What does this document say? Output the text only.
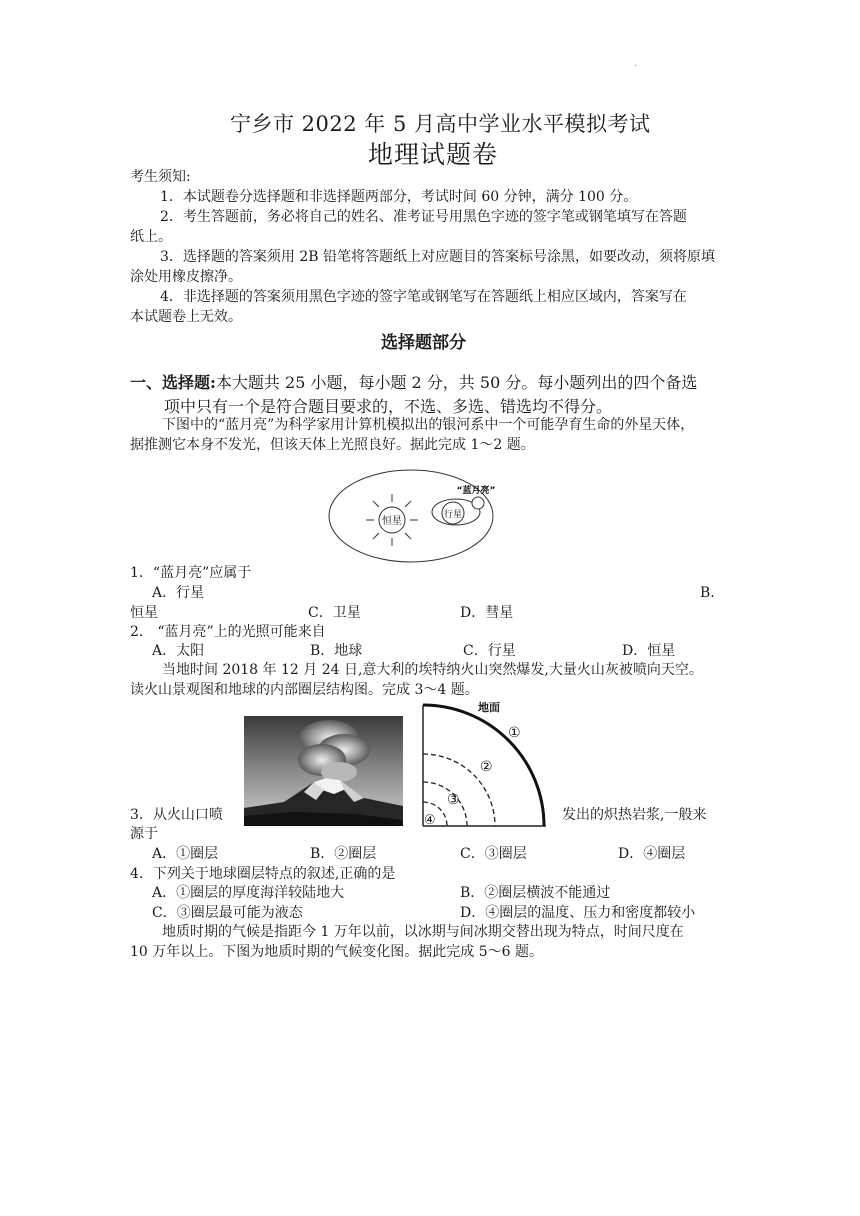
·
宁乡市 2022 年 5 月高中学业水平模拟考试
地理试题卷
考生须知:
1．本试题卷分选择题和非选择题两部分，考试时间 60 分钟，满分 100 分。
2．考生答题前，务必将自己的姓名、准考证号用黑色字迹的签字笔或钢笔填写在答题
纸上。
3．选择题的答案须用 2B 铅笔将答题纸上对应题目的答案标号涂黑，如要改动，须将原填
涂处用橡皮擦净。
4．非选择题的答案须用黑色字迹的签字笔或钢笔写在答题纸上相应区域内，答案写在
本试题卷上无效。
选择题部分
一、选择题:本大题共 25 小题，每小题 2 分，共 50 分。每小题列出的四个备选
项中只有一个是符合题目要求的，不选、多选、错选均不得分。
下图中的“蓝月亮”为科学家用计算机模拟出的银河系中一个可能孕育生命的外星天体，
据推测它本身不发光，但该天体上光照良好。据此完成 1～2 题。
恒星
行星
“蓝月亮”
1．“蓝月亮”应属于
A．行星	B.
恒星	C．卫星	D．彗星
2． “蓝月亮”上的光照可能来自
A．太阳	B．地球	C．行星	D．恒星
当地时间 2018 年 12 月 24 日,意大利的埃特纳火山突然爆发,大量火山灰被喷向天空。
读火山景观图和地球的内部圈层结构图。完成 3～4 题。
地面
①
②
③
④
3．从火山口喷	发出的炽热岩浆,一般来
源于
A．①圈层	B．②圈层	C．③圈层	D．④圈层
4．下列关于地球圈层特点的叙述,正确的是
A．①圈层的厚度海洋较陆地大	B．②圈层横波不能通过
C．③圈层最可能为液态	D．④圈层的温度、压力和密度都较小
地质时期的气候是指距今 1 万年以前，以冰期与间冰期交替出现为特点，时间尺度在
10 万年以上。下图为地质时期的气候变化图。据此完成 5～6 题。
